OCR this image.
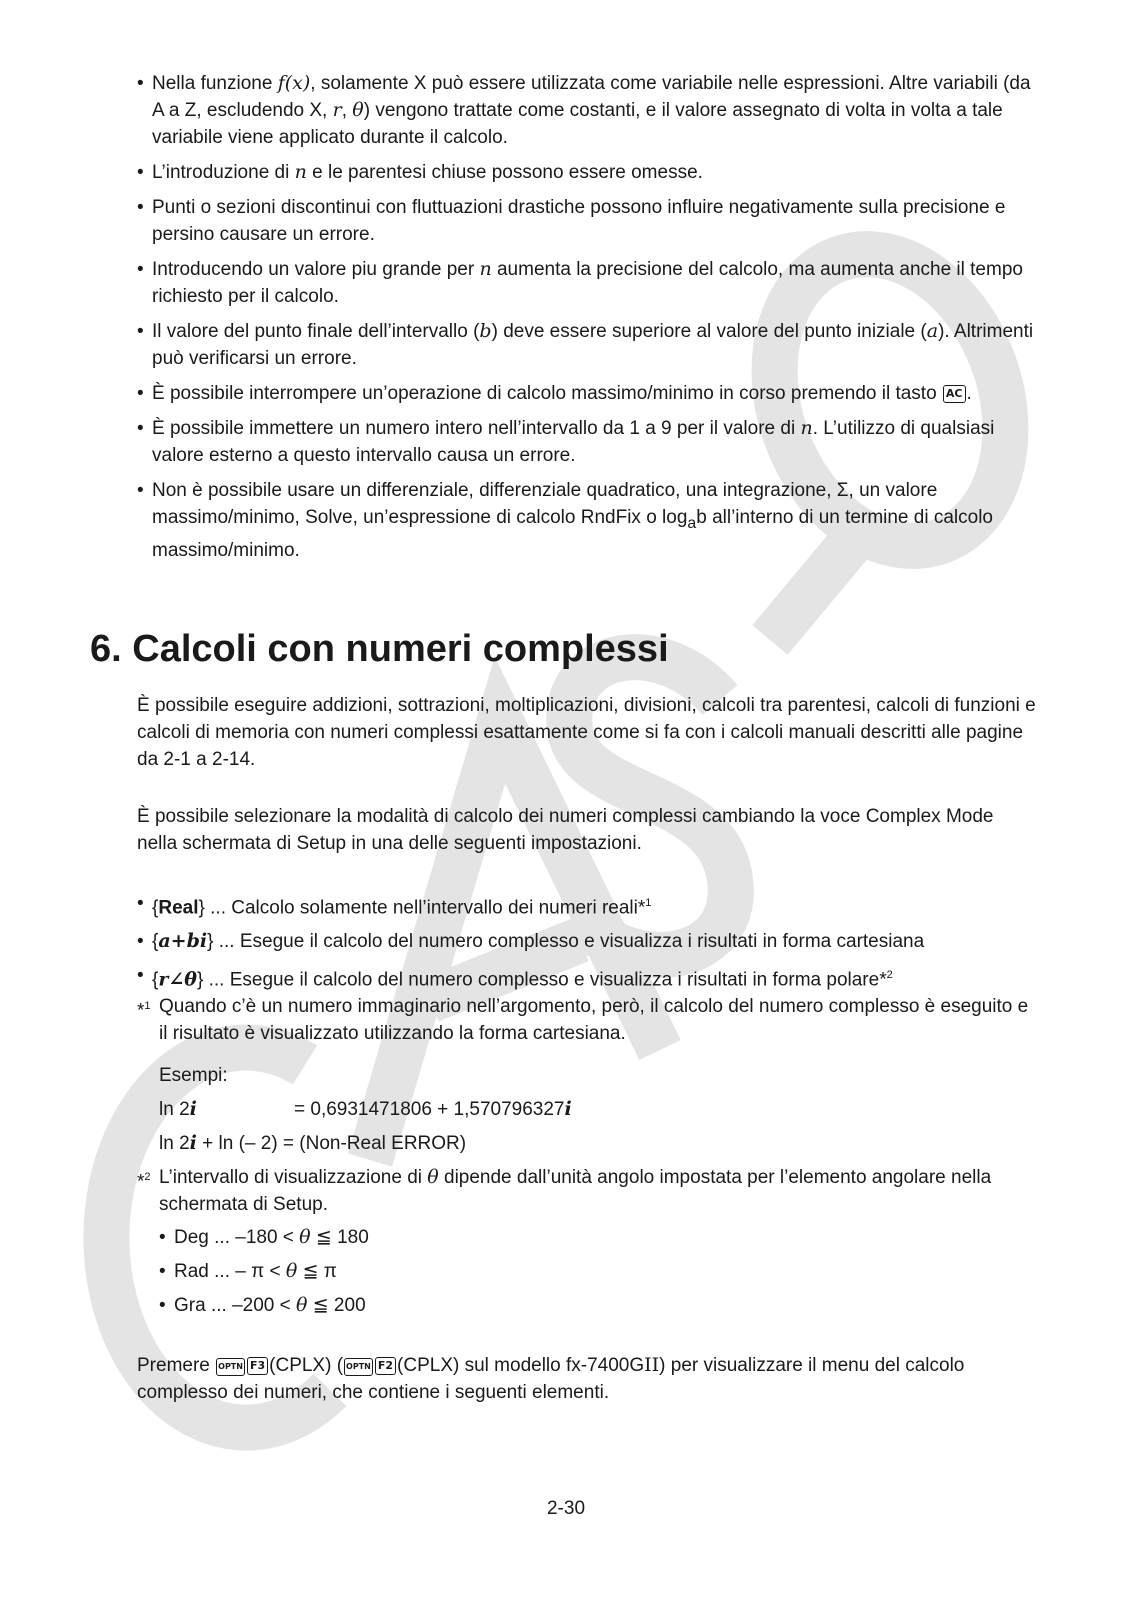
• Nella funzione f(x), solamente X può essere utilizzata come variabile nelle espressioni. Altre variabili (da A a Z, escludendo X, r, θ) vengono trattate come costanti, e il valore assegnato di volta in volta a tale variabile viene applicato durante il calcolo.
• L’introduzione di n e le parentesi chiuse possono essere omesse.
• Punti o sezioni discontinui con fluttuazioni drastiche possono influire negativamente sulla precisione e persino causare un errore.
• Introducendo un valore piu grande per n aumenta la precisione del calcolo, ma aumenta anche il tempo richiesto per il calcolo.
• Il valore del punto finale dell’intervallo (b) deve essere superiore al valore del punto iniziale (a). Altrimenti può verificarsi un errore.
• È possibile interrompere un’operazione di calcolo massimo/minimo in corso premendo il tasto AC .
• È possibile immettere un numero intero nell’intervallo da 1 a 9 per il valore di n. L’utilizzo di qualsiasi valore esterno a questo intervallo causa un errore.
• Non è possibile usare un differenziale, differenziale quadratico, una integrazione, Σ, un valore massimo/minimo, Solve, un’espressione di calcolo RndFix o $\log_ab$ all’interno di un termine di calcolo massimo/minimo.
6. Calcoli con numeri complessi

È possibile eseguire addizioni, sottrazioni, moltiplicazioni, divisioni, calcoli tra parentesi, calcoli di funzioni e calcoli di memoria con numeri complessi esattamente come si fa con i calcoli manuali descritti alle pagine da 2-1 a 2-14.

È possibile selezionare la modalità di calcolo dei numeri complessi cambiando la voce Complex Mode nella schermata di Setup in una delle seguenti impostazioni.

• {Real} ... Calcolo solamente nell’intervallo dei numeri reali*$^1$
• {a+bi} ... Esegue il calcolo del numero complesso e visualizza i risultati in forma cartesiana
• {r∠θ} ... Esegue il calcolo del numero complesso e visualizza i risultati in forma polare*$^2$
*$^1$ Quando c’è un numero immaginario nell’argomento, però, il calcolo del numero complesso è eseguito e il risultato è visualizzato utilizzando la forma cartesiana.
Esempi:
ln 2i	= 0,6931471806 + 1,570796327i
ln 2i + ln (– 2) = (Non-Real ERROR)
*$^2$ L’intervallo di visualizzazione di θ dipende dall’unità angolo impostata per l’elemento angolare nella schermata di Setup.
• Deg ... –180 < θ ≦ 180
• Rad ... – π < θ ≦ π
• Gra ... –200 < θ ≦ 200

Premere OPTN F3 (CPLX) ( OPTN F2 (CPLX) sul modello fx-7400GII) per visualizzare il menu del calcolo complesso dei numeri, che contiene i seguenti elementi.

2-30
